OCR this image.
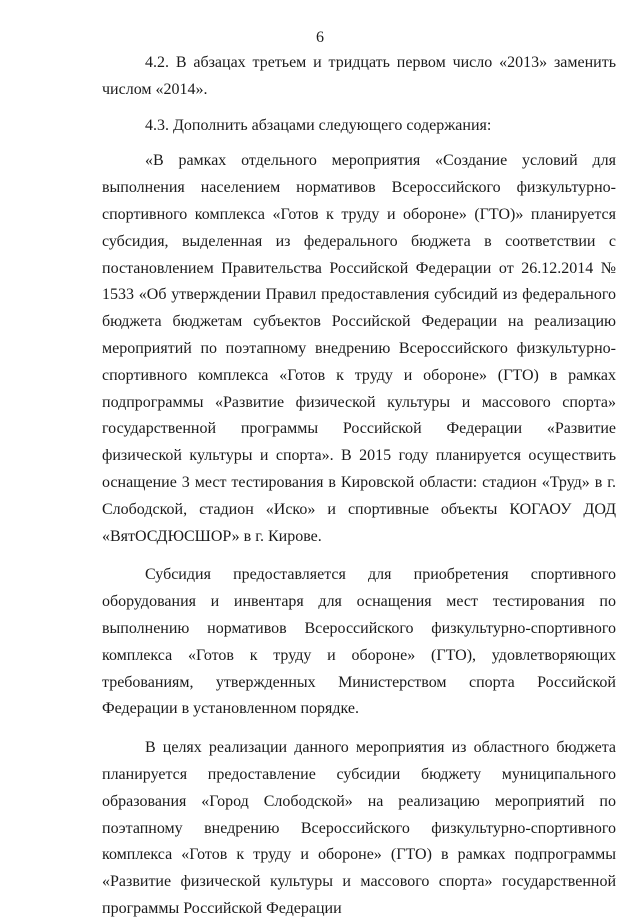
6

4.2. В абзацах третьем и тридцать первом число «2013» заменить числом «2014».

4.3. Дополнить абзацами следующего содержания:

«В рамках отдельного мероприятия «Создание условий для выполнения населением нормативов Всероссийского физкультурно-спортивного комплекса «Готов к труду и обороне» (ГТО)» планируется субсидия, выделенная из федерального бюджета в соответствии с постановлением Правительства Российской Федерации от 26.12.2014 № 1533 «Об утверждении Правил предоставления субсидий из федерального бюджета бюджетам субъектов Российской Федерации на реализацию мероприятий по поэтапному внедрению Всероссийского физкультурно-спортивного комплекса «Готов к труду и обороне» (ГТО) в рамках подпрограммы «Развитие физической культуры и массового спорта» государственной программы Российской Федерации «Развитие физической культуры и спорта». В 2015 году планируется осуществить оснащение 3 мест тестирования в Кировской области: стадион «Труд» в г. Слободской, стадион «Иско» и спортивные объекты КОГАОУ ДОД «ВятОСДЮСШОР» в г. Кирове.

Субсидия предоставляется для приобретения спортивного оборудования и инвентаря для оснащения мест тестирования по выполнению нормативов Всероссийского физкультурно-спортивного комплекса «Готов к труду и обороне» (ГТО), удовлетворяющих требованиям, утвержденных Министерством спорта Российской Федерации в установленном порядке.

В целях реализации данного мероприятия из областного бюджета планируется предоставление субсидии бюджету муниципального образования «Город Слободской» на реализацию мероприятий по поэтапному внедрению Всероссийского физкультурно-спортивного комплекса «Готов к труду и обороне» (ГТО) в рамках подпрограммы «Развитие физической культуры и массового спорта» государственной программы Российской Федерации
